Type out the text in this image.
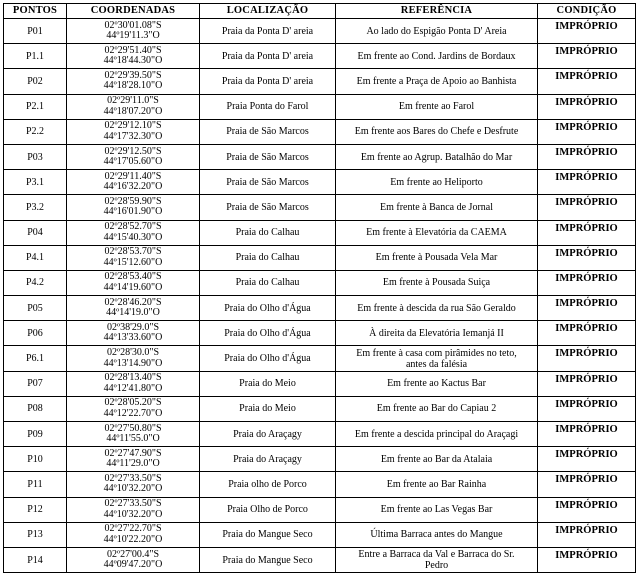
PONTOS	COORDENADAS	LOCALIZAÇÃO	REFERÊNCIA	CONDIÇÃO
P01	02º30'01.08"S
44º19'11.3"O	Praia da Ponta D' areia	Ao lado do Espigão Ponta D' Areia	IMPRÓPRIO
P1.1	02º29'51.40"S
44º18'44.30"O	Praia da Ponta D' areia	Em frente ao Cond. Jardins de Bordaux	IMPRÓPRIO
P02	02º29'39.50"S
44º18'28.10"O	Praia da Ponta D' areia	Em frente a Praça de Apoio ao Banhista	IMPRÓPRIO
P2.1	02º29'11.0"S
44º18'07.20"O	Praia Ponta do Farol	Em frente ao Farol	IMPRÓPRIO
P2.2	02º29'12.10"S
44º17'32.30"O	Praia de São Marcos	Em frente aos Bares do Chefe e Desfrute	IMPRÓPRIO
P03	02º29'12.50"S
44º17'05.60"O	Praia de São Marcos	Em frente ao Agrup. Batalhão do Mar	IMPRÓPRIO
P3.1	02º29'11.40"S
44º16'32.20"O	Praia de São Marcos	Em frente ao Heliporto	IMPRÓPRIO
P3.2	02º28'59.90"S
44º16'01.90"O	Praia de São Marcos	Em frente à Banca de Jornal	IMPRÓPRIO
P04	02º28'52.70"S
44º15'40.30"O	Praia do Calhau	Em frente à Elevatória da CAEMA	IMPRÓPRIO
P4.1	02º28'53.70"S
44º15'12.60"O	Praia do Calhau	Em frente à Pousada Vela Mar	IMPRÓPRIO
P4.2	02º28'53.40"S
44º14'19.60"O	Praia do Calhau	Em frente à Pousada Suiça	IMPRÓPRIO
P05	02º28'46.20"S
44º14'19.0"O	Praia do Olho d'Água	Em frente à descida da rua São Geraldo	IMPRÓPRIO
P06	02º38'29.0"S
44º13'33.60"O	Praia do Olho d'Água	À direita da Elevatória Iemanjá II	IMPRÓPRIO
P6.1	02º28'30.0"S
44º13'14.90"O	Praia do Olho d'Água	Em frente à casa com pirâmides no teto,
antes da falésia	IMPRÓPRIO
P07	02º28'13.40"S
44º12'41.80"O	Praia do Meio	Em frente ao Kactus Bar	IMPRÓPRIO
P08	02º28'05.20"S
44º12'22.70"O	Praia do Meio	Em frente ao Bar do Capiau 2	IMPRÓPRIO
P09	02º27'50.80"S
44º11'55.0"O	Praia do Araçagy	Em frente a descida principal do Araçagi	IMPRÓPRIO
P10	02º27'47.90"S
44º11'29.0"O	Praia do Araçagy	Em frente ao Bar da Atalaia	IMPRÓPRIO
P11	02º27'33.50"S
44º10'32.20"O	Praia olho de Porco	Em frente ao Bar Rainha	IMPRÓPRIO
P12	02º27'33.50"S
44º10'32.20"O	Praia Olho de Porco	Em frente ao Las Vegas Bar	IMPRÓPRIO
P13	02º27'22.70"S
44º10'22.20"O	Praia do Mangue Seco	Última Barraca antes do Mangue	IMPRÓPRIO
P14	02º27'00.4"S
44º09'47.20"O	Praia do Mangue Seco	Entre a Barraca da Val e Barraca do Sr.
Pedro	IMPRÓPRIO
